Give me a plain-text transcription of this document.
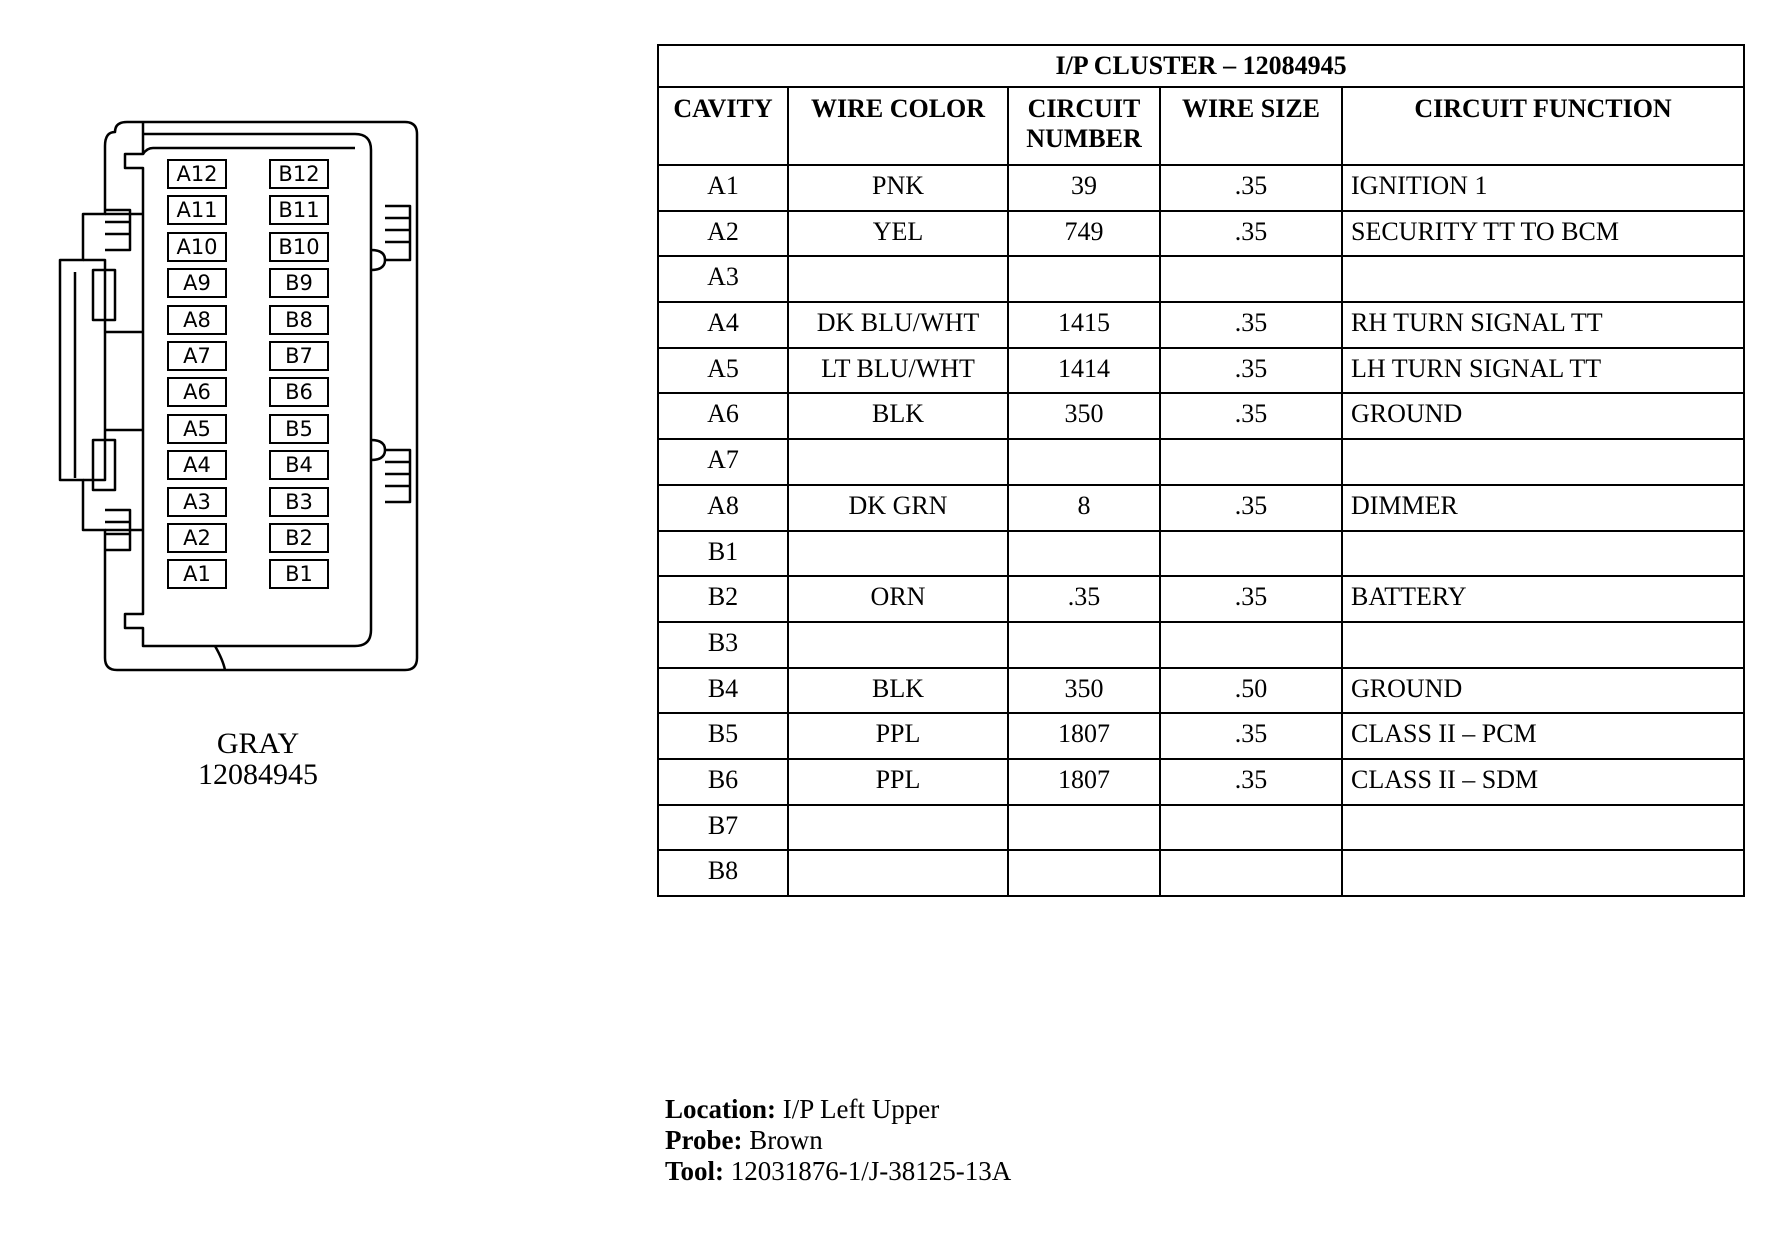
A12
A11
A10
A9
A8
A7
A6
A5
A4
A3
A2
A1
B12
B11
B10
B9
B8
B7
B6
B5
B4
B3
B2
B1
GRAY
12084945
I/P CLUSTER – 12084945				
CAVITY	WIRE COLOR	CIRCUIT NUMBER	WIRE SIZE	CIRCUIT FUNCTION
A1	PNK	39	.35	IGNITION 1
A2	YEL	749	.35	SECURITY TT TO BCM
A3				
A4	DK BLU/WHT	1415	.35	RH TURN SIGNAL TT
A5	LT BLU/WHT	1414	.35	LH TURN SIGNAL TT
A6	BLK	350	.35	GROUND
A7				
A8	DK GRN	8	.35	DIMMER
B1				
B2	ORN	.35	.35	BATTERY
B3				
B4	BLK	350	.50	GROUND
B5	PPL	1807	.35	CLASS II – PCM
B6	PPL	1807	.35	CLASS II – SDM
B7				
B8				
Location: I/P Left Upper
Probe: Brown
Tool: 12031876-1/J-38125-13A
